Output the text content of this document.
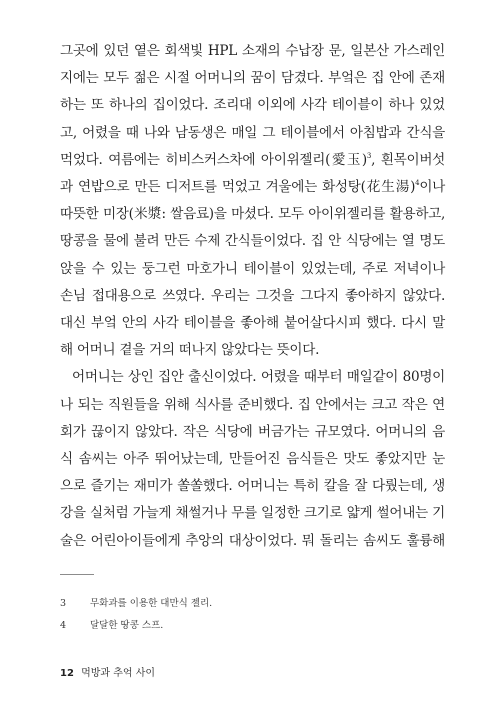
그곳에 있던 옅은 회색빛 HPL 소재의 수납장 문, 일본산 가스레인
지에는 모두 젊은 시절 어머니의 꿈이 담겼다. 부엌은 집 안에 존재
하는 또 하나의 집이었다. 조리대 이외에 사각 테이블이 하나 있었
고, 어렸을 때 나와 남동생은 매일 그 테이블에서 아침밥과 간식을
먹었다. 여름에는 히비스커스차에 아이위젤리(愛玉)$^3$, 흰목이버섯
과 연밥으로 만든 디저트를 먹었고 겨울에는 화성탕(花生湯)$^4$이나
따뜻한 미장(米漿: 쌀음료)을 마셨다. 모두 아이위젤리를 활용하고,
땅콩을 물에 불려 만든 수제 간식들이었다. 집 안 식당에는 열 명도
앉을 수 있는 둥그런 마호가니 테이블이 있었는데, 주로 저녁이나
손님 접대용으로 쓰였다. 우리는 그것을 그다지 좋아하지 않았다.
대신 부엌 안의 사각 테이블을 좋아해 붙어살다시피 했다. 다시 말
해 어머니 곁을 거의 떠나지 않았다는 뜻이다.
어머니는 상인 집안 출신이었다. 어렸을 때부터 매일같이 80명이
나 되는 직원들을 위해 식사를 준비했다. 집 안에서는 크고 작은 연
회가 끊이지 않았다. 작은 식당에 버금가는 규모였다. 어머니의 음
식 솜씨는 아주 뛰어났는데, 만들어진 음식들은 맛도 좋았지만 눈
으로 즐기는 재미가 쏠쏠했다. 어머니는 특히 칼을 잘 다뤘는데, 생
강을 실처럼 가늘게 채썰거나 무를 일정한 크기로 얇게 썰어내는 기
술은 어린아이들에게 추앙의 대상이었다. 뭐 돌리는 솜씨도 훌륭해
3	무화과를 이용한 대만식 젤리.
4	달달한 땅콩 스프.
12 먹방과 추억 사이
